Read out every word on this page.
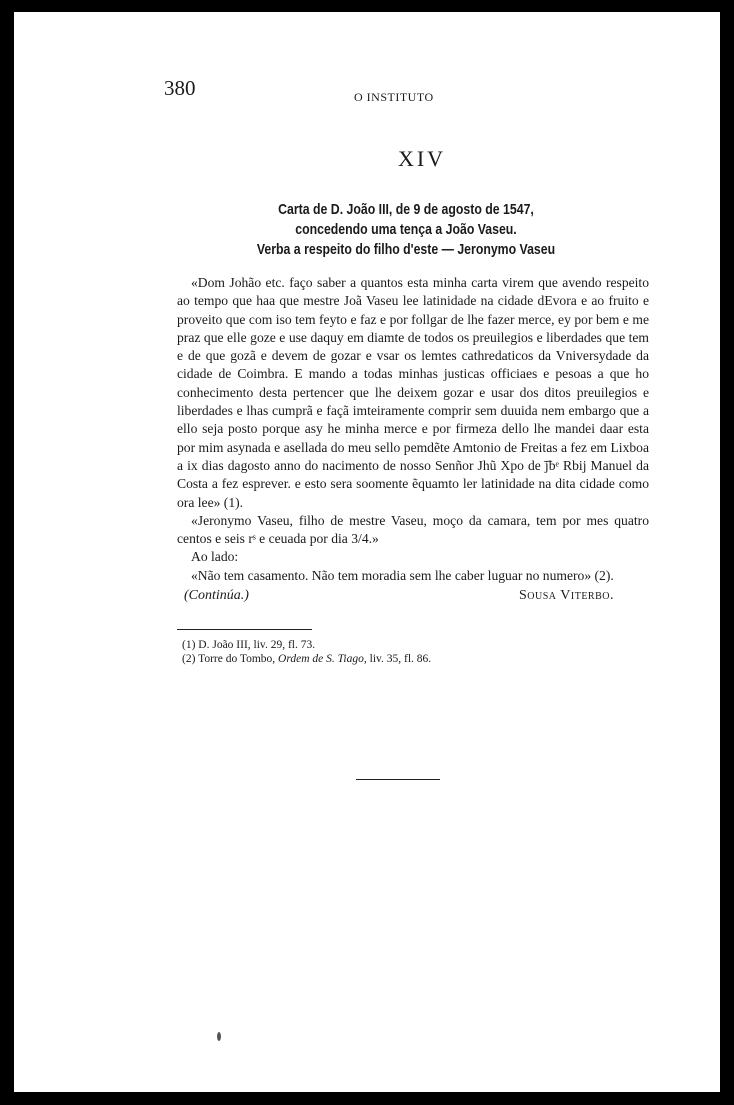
380	O INSTITUTO
XIV
Carta de D. João III, de 9 de agosto de 1547,
concedendo uma tença a João Vaseu.
Verba a respeito do filho d'este — Jeronymo Vaseu

«Dom Johão etc. faço saber a quantos esta minha carta virem que avendo respeito ao tempo que haa que mestre Joã Vaseu lee latinidade na cidade dEvora e ao fruito e proveito que com iso tem feyto e faz e por follgar de lhe fazer merce, ey por bem e me praz que elle goze e use daquy em diamte de todos os preuilegios e liberdades que tem e de que gozã e devem de gozar e vsar os lemtes cathredaticos da Vniversydade da cidade de Coimbra. E mando a todas minhas justicas officiaes e pesoas a que ho conhecimento desta pertencer que lhe deixem gozar e usar dos ditos preuilegios e liberdades e lhas cumprã e façã imteiramente comprir sem duuida nem embargo que a ello seja posto porque asy he minha merce e por firmeza dello lhe mandei daar esta por mim asynada e asellada do meu sello pemdẽte Amtonio de Freitas a fez em Lixboa a ix dias dagosto anno do nacimento de nosso Senñor Jhũ Xpo de ͞jbᵉ Rbij Manuel da Costa a fez esprever. e esto sera soomente ẽquamto ler latinidade na dita cidade como ora lee» (1).

«Jeronymo Vaseu, filho de mestre Vaseu, moço da camara, tem por mes quatro centos e seis rˢ e ceuada por dia 3/4.»

Ao lado:

«Não tem casamento. Não tem moradia sem lhe caber luguar no numero» (2).

(Continúa.)	Sousa Viterbo.
(1) D. João III, liv. 29, fl. 73.
(2) Torre do Tombo, Ordem de S. Tiago, liv. 35, fl. 86.
